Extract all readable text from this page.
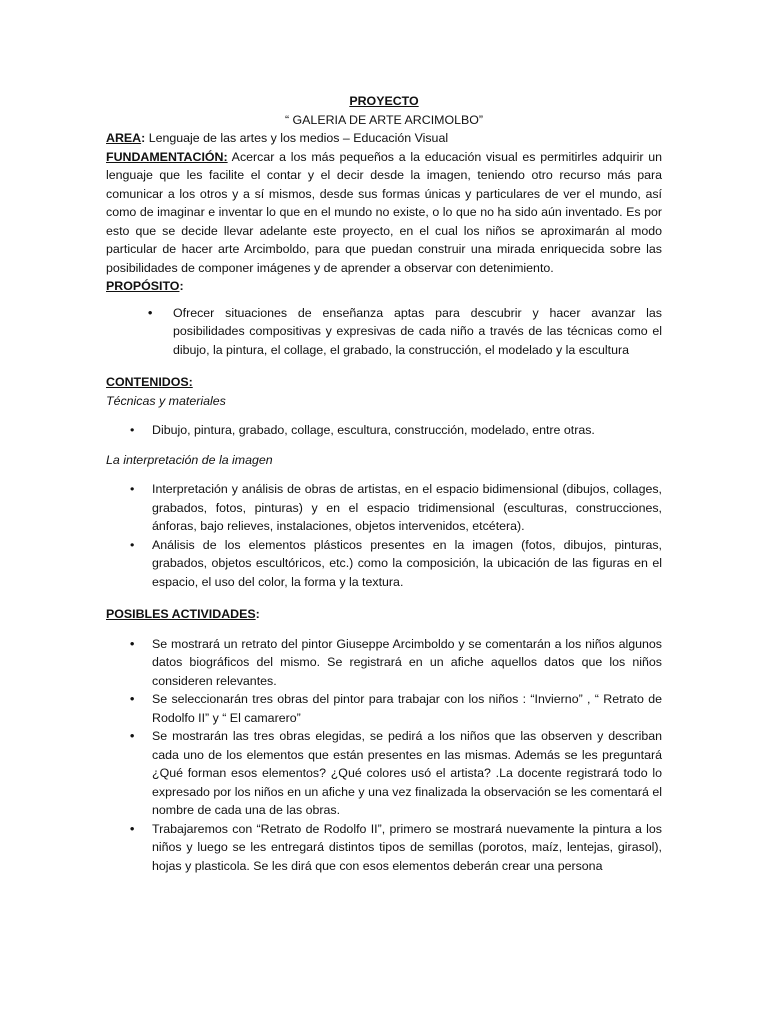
PROYECTO
“ GALERIA DE ARTE ARCIMOLBO”
AREA: Lenguaje de las artes y los medios – Educación Visual
FUNDAMENTACIÓN: Acercar a los más pequeños a la educación visual es permitirles adquirir un lenguaje que les facilite el contar y el decir desde la imagen, teniendo otro recurso más para comunicar a los otros y a sí mismos, desde sus formas únicas y particulares de ver el mundo, así como de imaginar e inventar lo que en el mundo no existe, o lo que no ha sido aún inventado. Es por esto que se decide llevar adelante este proyecto, en el cual los niños se aproximarán al modo particular de hacer arte Arcimboldo, para que puedan construir una mirada enriquecida sobre las posibilidades de componer imágenes y de aprender a observar con detenimiento.
PROPÓSITO:
• Ofrecer situaciones de enseñanza aptas para descubrir y hacer avanzar las posibilidades compositivas y expresivas de cada niño a través de las técnicas como el dibujo, la pintura, el collage, el grabado, la construcción, el modelado y la escultura
CONTENIDOS:
Técnicas y materiales
• Dibujo, pintura, grabado, collage, escultura, construcción, modelado, entre otras.
La interpretación de la imagen
• Interpretación y análisis de obras de artistas, en el espacio bidimensional (dibujos, collages, grabados, fotos, pinturas) y en el espacio tridimensional (esculturas, construcciones, ánforas, bajo relieves, instalaciones, objetos intervenidos, etcétera).
• Análisis de los elementos plásticos presentes en la imagen (fotos, dibujos, pinturas, grabados, objetos escultóricos, etc.) como la composición, la ubicación de las figuras en el espacio, el uso del color, la forma y la textura.
POSIBLES ACTIVIDADES:
• Se mostrará un retrato del pintor Giuseppe Arcimboldo y se comentarán a los niños algunos datos biográficos del mismo. Se registrará en un afiche aquellos datos que los niños consideren relevantes.
• Se seleccionarán tres obras del pintor para trabajar con los niños : “Invierno” , “ Retrato de Rodolfo II” y “ El camarero”
• Se mostrarán las tres obras elegidas, se pedirá a los niños que las observen y describan cada uno de los elementos que están presentes en las mismas. Además se les preguntará ¿Qué forman esos elementos? ¿Qué colores usó el artista? .La docente registrará todo lo expresado por los niños en un afiche y una vez finalizada la observación se les comentará el nombre de cada una de las obras.
• Trabajaremos con “Retrato de Rodolfo II”, primero se mostrará nuevamente la pintura a los niños y luego se les entregará distintos tipos de semillas (porotos, maíz, lentejas, girasol), hojas y plasticola. Se les dirá que con esos elementos deberán crear una persona
